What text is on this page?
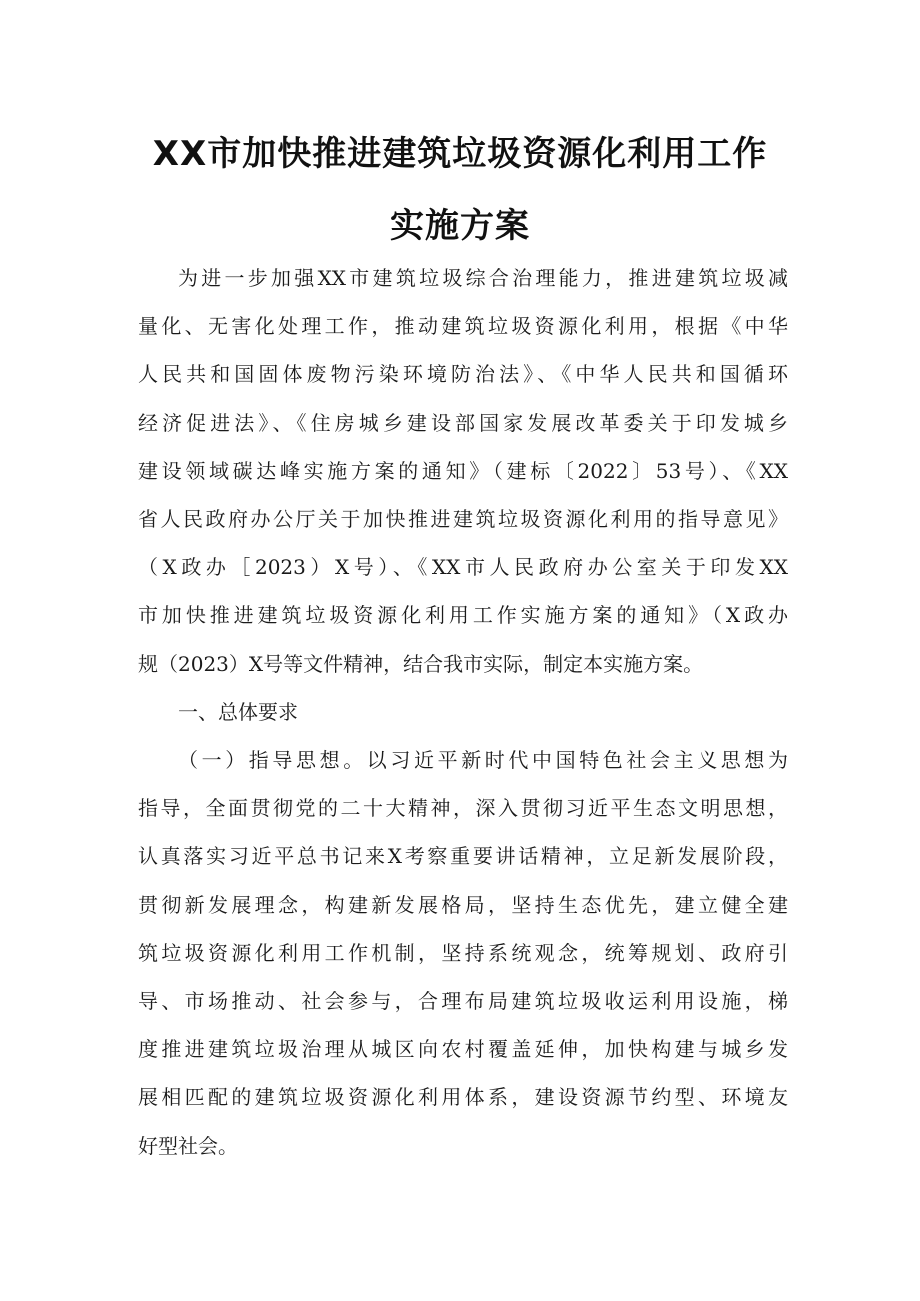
XX市加快推进建筑垃圾资源化利用工作
实施方案
为进一步加强XX市建筑垃圾综合治理能力，推进建筑垃圾减
量化、无害化处理工作，推动建筑垃圾资源化利用，根据《中华
人民共和国固体废物污染环境防治法》、《中华人民共和国循环
经济促进法》、《住房城乡建设部国家发展改革委关于印发城乡
建设领域碳达峰实施方案的通知》（建标〔2022〕53号）、《XX
省人民政府办公厅关于加快推进建筑垃圾资源化利用的指导意见》
（X政办［2023）X号）、《XX市人民政府办公室关于印发XX
市加快推进建筑垃圾资源化利用工作实施方案的通知》（X政办
规（2023）X号等文件精神，结合我市实际，制定本实施方案。
一、总体要求
（一）指导思想。以习近平新时代中国特色社会主义思想为
指导，全面贯彻党的二十大精神，深入贯彻习近平生态文明思想，
认真落实习近平总书记来X考察重要讲话精神，立足新发展阶段，
贯彻新发展理念，构建新发展格局，坚持生态优先，建立健全建
筑垃圾资源化利用工作机制，坚持系统观念，统筹规划、政府引
导、市场推动、社会参与，合理布局建筑垃圾收运利用设施，梯
度推进建筑垃圾治理从城区向农村覆盖延伸，加快构建与城乡发
展相匹配的建筑垃圾资源化利用体系，建设资源节约型、环境友
好型社会。
